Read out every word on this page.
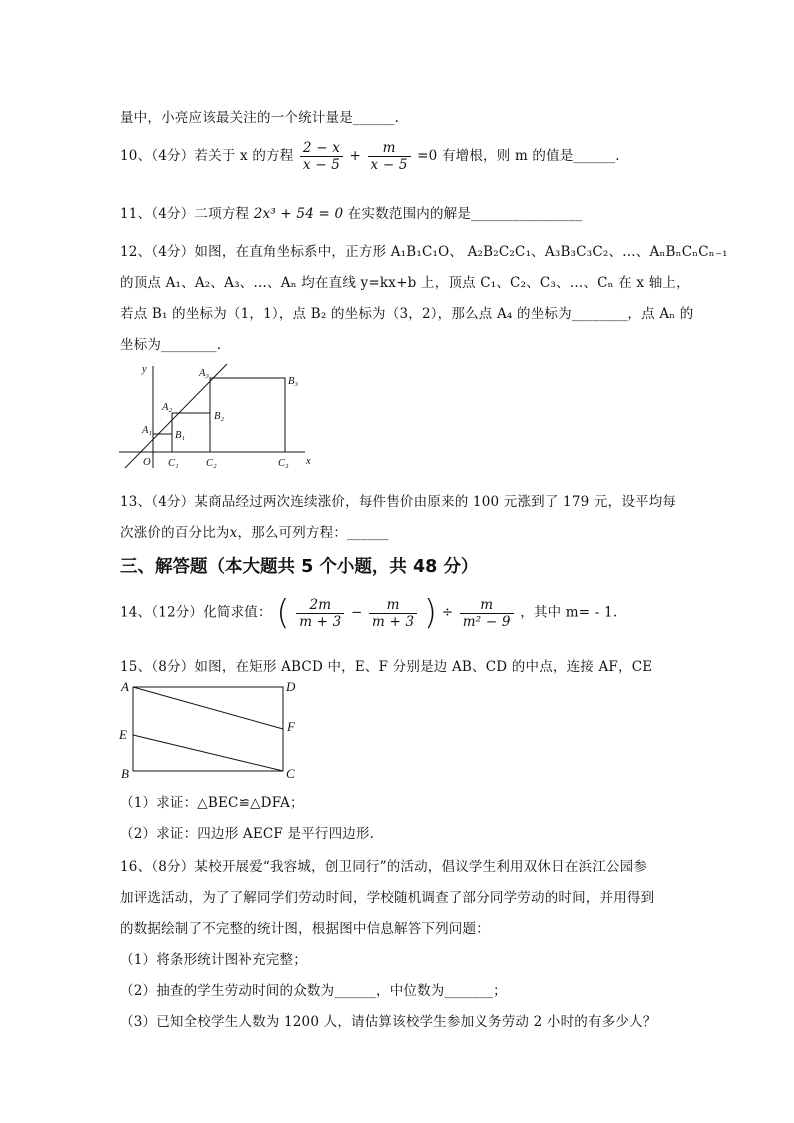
量中，小亮应该最关注的一个统计量是______.
10、（4分）若关于 x 的方程 $\frac{2 - x}{x - 5} + \frac{m}{x - 5} =0$ 有增根，则 m 的值是______.
11、（4分）二项方程 2x³ + 54 = 0 在实数范围内的解是________________
12、（4分）如图，在直角坐标系中，正方形 A₁B₁C₁O、 A₂B₂C₂C₁、A₃B₃C₃C₂、…、AₙBₙCₙCₙ₋₁
的顶点 A₁、A₂、A₃、…、Aₙ 均在直线 y=kx+b 上，顶点 C₁、C₂、C₃、…、Cₙ 在 x 轴上，
若点 B₁ 的坐标为（1，1），点 B₂ 的坐标为（3，2），那么点 A₄ 的坐标为________，点 Aₙ 的
坐标为________.
y
x
O
A₁
A₂
A₃
B₁
B₂
B₃
C₁	C₂	C₃
13、（4分）某商品经过两次连续涨价，每件售价由原来的 100 元涨到了 179 元，设平均每
次涨价的百分比为x，那么可列方程：______
三、解答题（本大题共 5 个小题，共 48 分）
14、（12分）化简求值： ( $\frac{2m}{m + 3} - \frac{m}{m + 3}$ ) ÷ $\frac{m}{\text{m² − 9}}$ ，其中 m= - 1.
15、（8分）如图，在矩形 ABCD 中，E、F 分别是边 AB、CD 的中点，连接 AF，CE
A	D
F
E
B	C
（1）求证：△BEC≌△DFA；
（2）求证：四边形 AECF 是平行四边形.
16、（8分）某校开展爱“我容城，创卫同行”的活动，倡议学生利用双休日在浜江公园参
加评选活动，为了了解同学们劳动时间，学校随机调查了部分同学劳动的时间，并用得到
的数据绘制了不完整的统计图，根据图中信息解答下列问题：
（1）将条形统计图补充完整；
（2）抽查的学生劳动时间的众数为______，中位数为_______；
（3）已知全校学生人数为 1200 人，请估算该校学生参加义务劳动 2 小时的有多少人？
